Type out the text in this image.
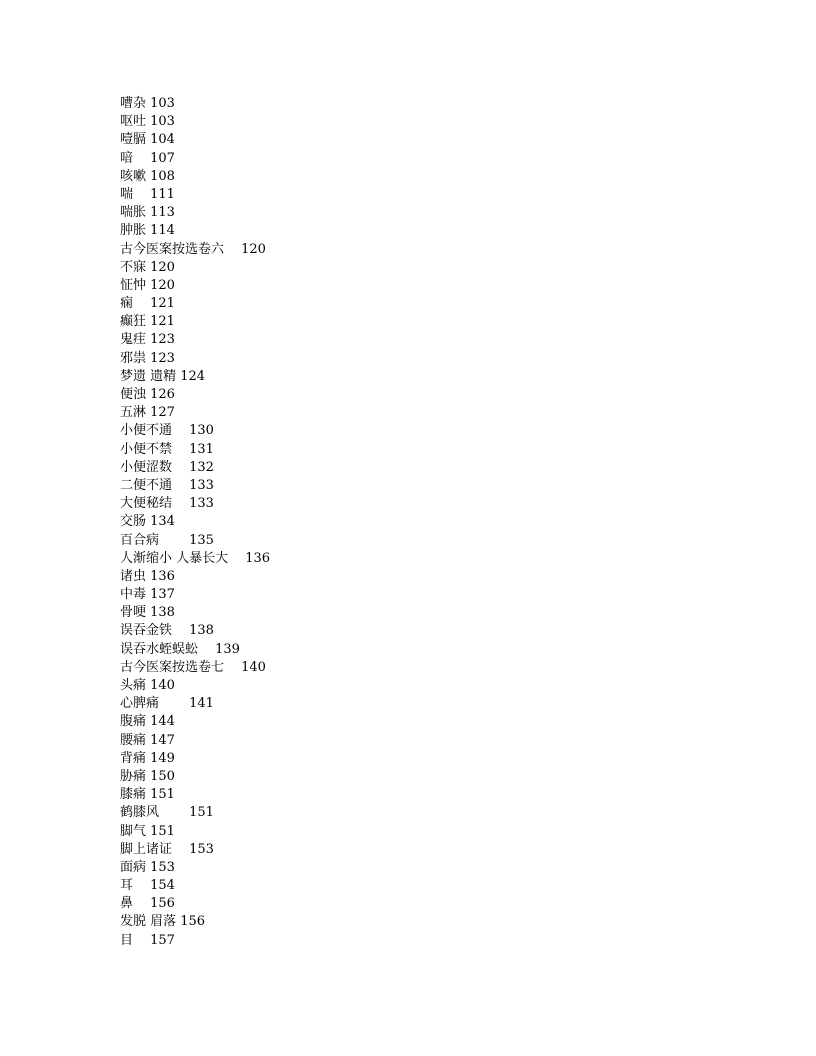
嘈杂 103
呕吐 103
噎膈 104
喑 　107
咳嗽 108
喘 　111
喘胀 113
肿胀 114
古今医案按选卷六 　120
不寐 120
怔忡 120
痫 　121
癫狂 121
鬼疰 123
邪祟 123
梦遗 遗精 124
便浊 126
五淋 127
小便不通 　130
小便不禁 　131
小便涩数 　132
二便不通 　133
大便秘结 　133
交肠 134
百合病 　　135
人渐缩小 人暴长大 　136
诸虫 136
中毒 137
骨哽 138
误吞金铁 　138
误吞水蛭蜈蚣 　139
古今医案按选卷七 　140
头痛 140
心脾痛 　　141
腹痛 144
腰痛 147
背痛 149
胁痛 150
膝痛 151
鹤膝风 　　151
脚气 151
脚上诸证 　153
面病 153
耳 　154
鼻 　156
发脱 眉落 156
目 　157
